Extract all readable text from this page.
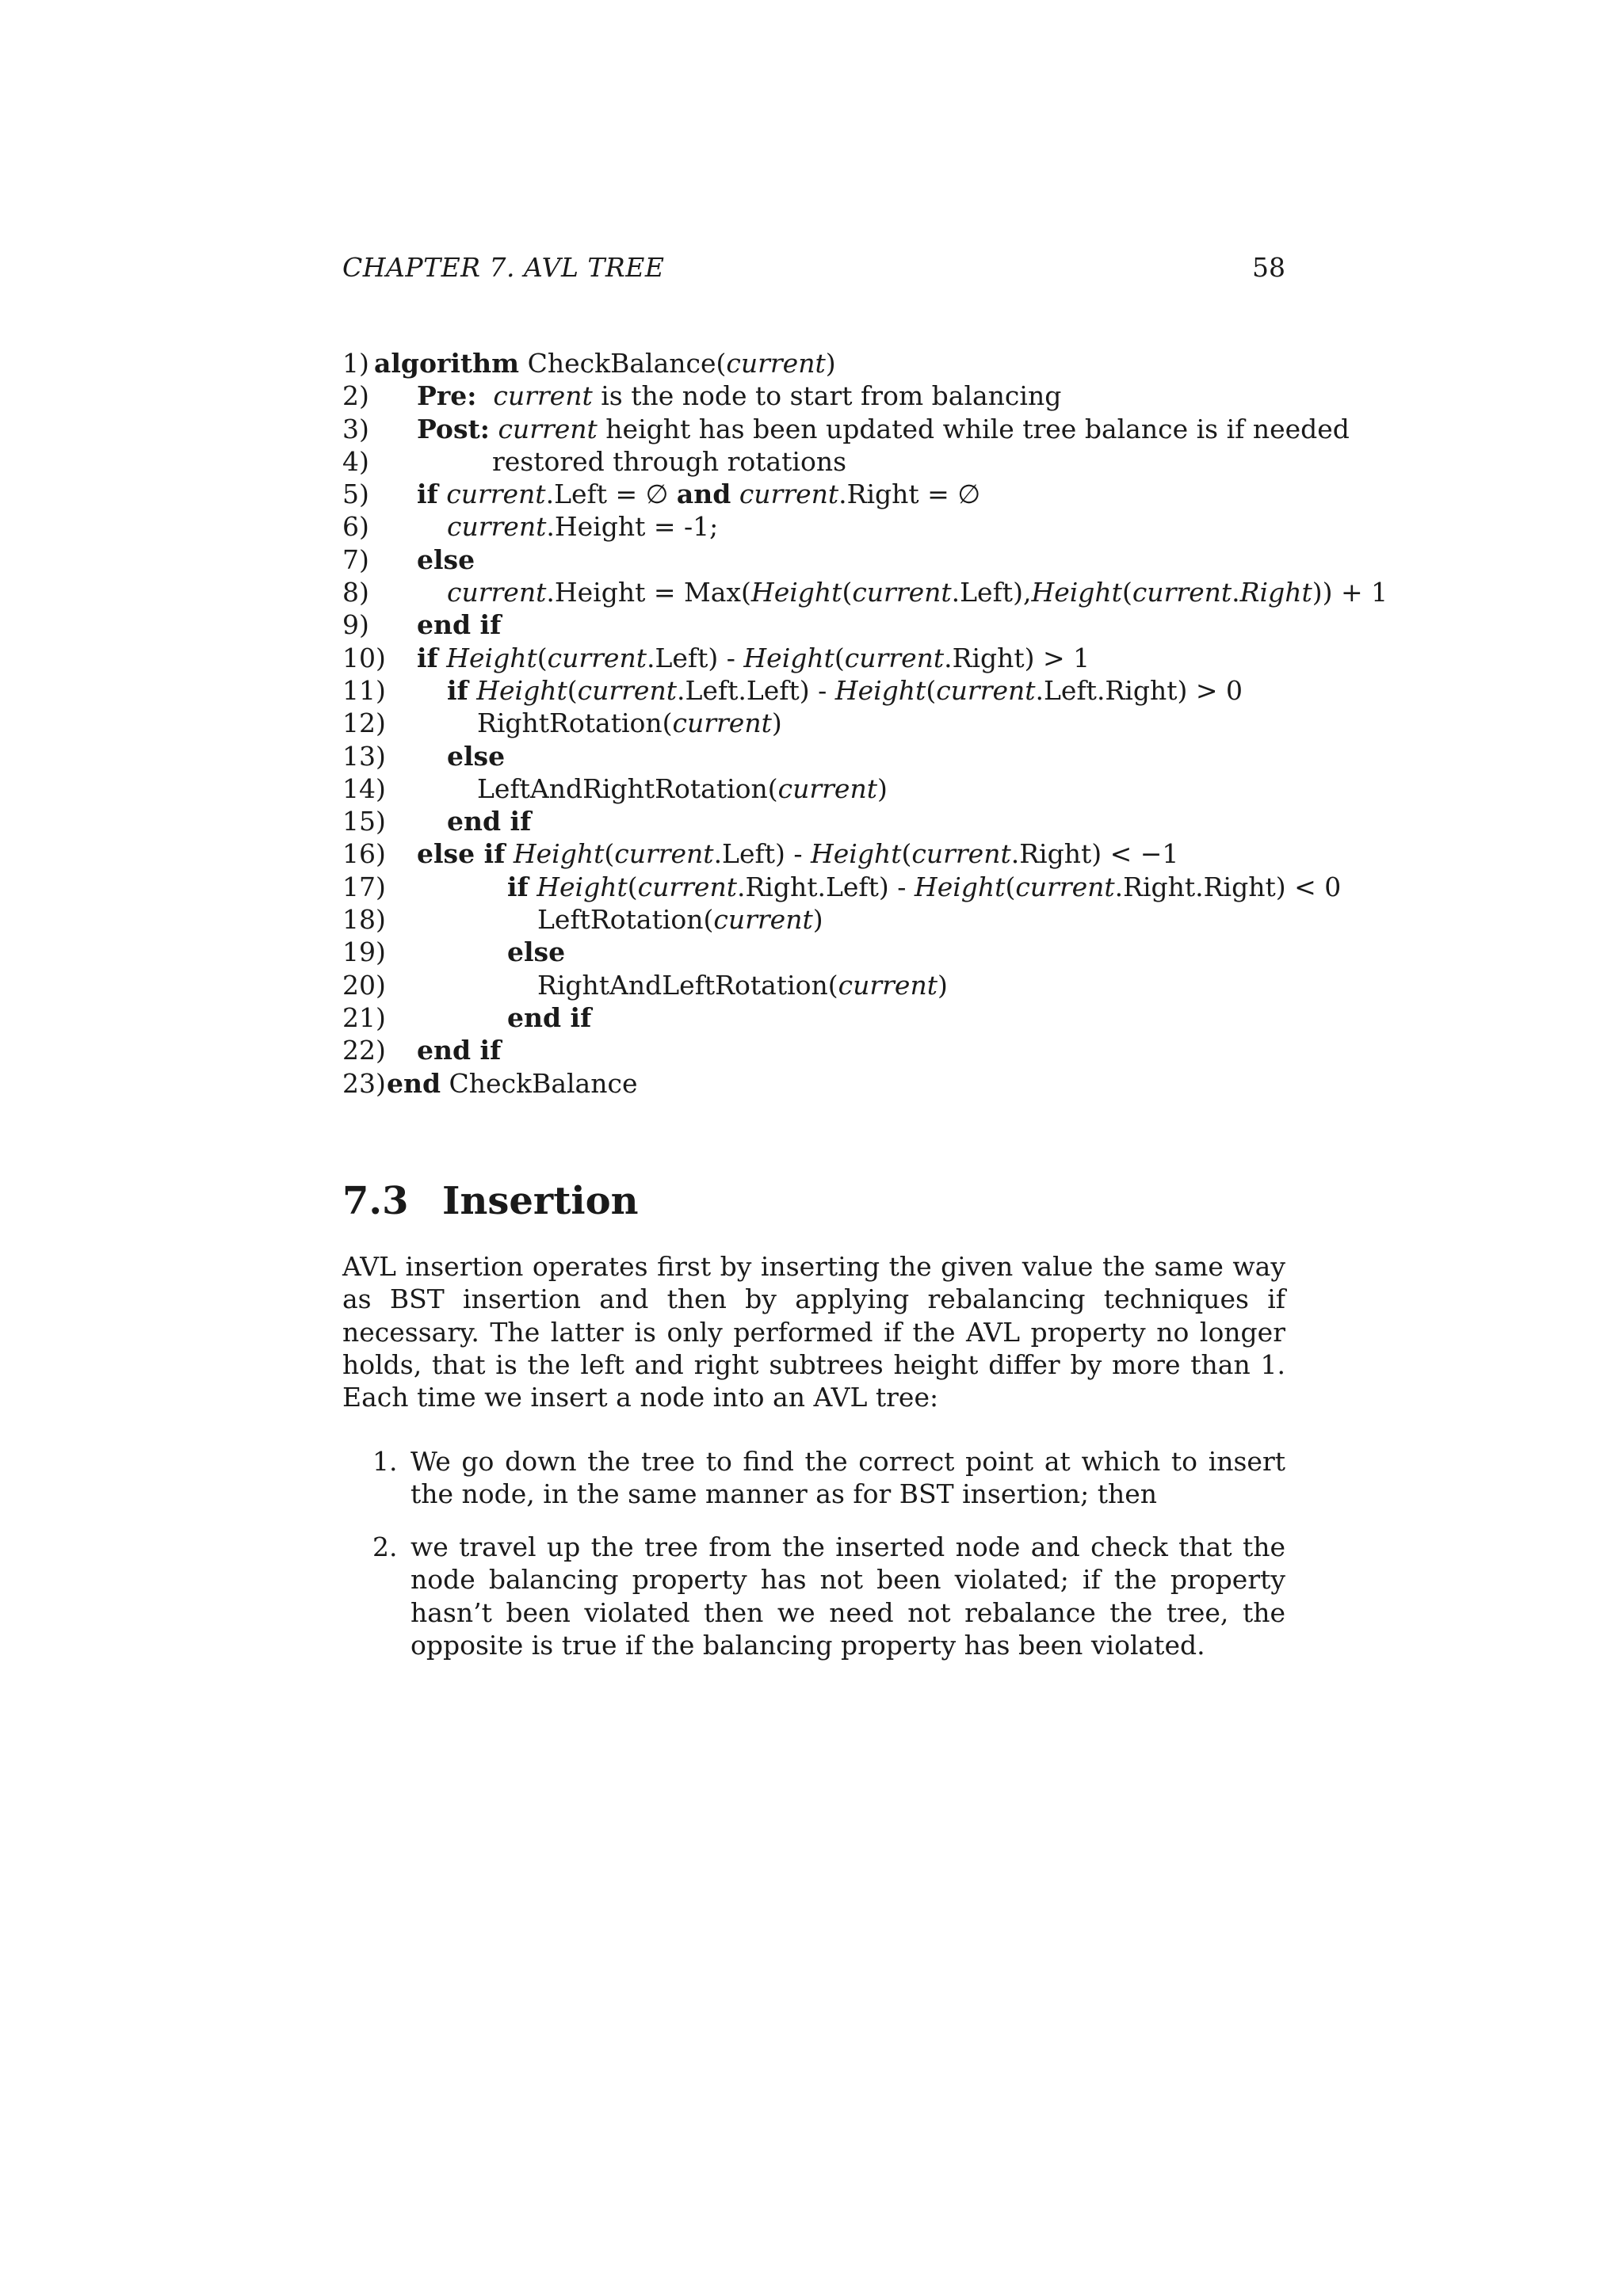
CHAPTER 7. AVL TREE	58
1) algorithm CheckBalance(current)
2) Pre: current is the node to start from balancing
3) Post: current height has been updated while tree balance is if needed
4)	restored through rotations
5) if current.Left = ∅ and current.Right = ∅
6)	current.Height = -1;
7) else
8)	current.Height = Max(Height(current.Left),Height(current.Right)) + 1
9) end if
10) if Height(current.Left) - Height(current.Right) > 1
11) if Height(current.Left.Left) - Height(current.Left.Right) > 0
12)	RightRotation(current)
13) else
14)	LeftAndRightRotation(current)
15) end if
16) else if Height(current.Left) - Height(current.Right) < −1
17)	if Height(current.Right.Left) - Height(current.Right.Right) < 0
18)	LeftRotation(current)
19)	else
20)	RightAndLeftRotation(current)
21)	end if
22) end if
23) end CheckBalance
7.3 Insertion
AVL insertion operates first by inserting the given value the same way as BST insertion and then by applying rebalancing techniques if necessary. The latter is only performed if the AVL property no longer holds, that is the left and right subtrees height differ by more than 1. Each time we insert a node into an AVL tree:
1. We go down the tree to find the correct point at which to insert the node, in the same manner as for BST insertion; then
2. we travel up the tree from the inserted node and check that the node balancing property has not been violated; if the property hasn’t been violated then we need not rebalance the tree, the opposite is true if the balancing property has been violated.
